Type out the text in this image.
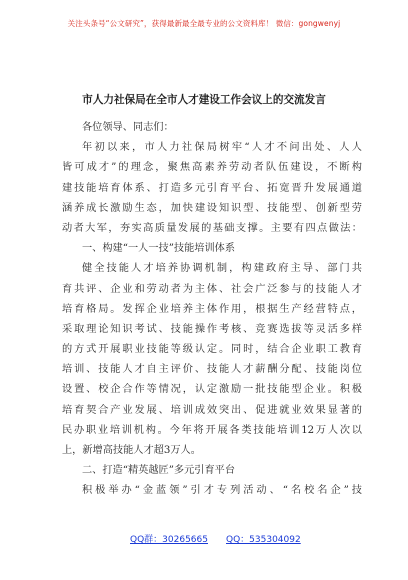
关注头条号“公文研究”，获得最新最全最专业的公文资料库！ 微信：gongwenyj
市人力社保局在全市人才建设工作会议上的交流发言
各位领导、同志们：
年初以来，市人力社保局树牢“人才不问出处、人人
皆可成才”的理念，聚焦高素养劳动者队伍建设，不断构
建技能培育体系、打造多元引育平台、拓宽晋升发展通道
涵养成长激励生态，加快建设知识型、技能型、创新型劳
动者大军，夯实高质量发展的基础支撑。主要有四点做法：
一、构建“一人一技”技能培训体系
健全技能人才培养协调机制，构建政府主导、部门共
育共评、企业和劳动者为主体、社会广泛参与的技能人才
培育格局。发挥企业培养主体作用，根据生产经营特点，
采取理论知识考试、技能操作考核、竞赛选拔等灵活多样
的方式开展职业技能等级认定。同时，结合企业职工教育
培训、技能人才自主评价、技能人才薪酬分配、技能岗位
设置、校企合作等情况，认定激励一批技能型企业。积极
培育契合产业发展、培训成效突出、促进就业效果显著的
民办职业培训机构。今年将开展各类技能培训12万人次以
上，新增高技能人才超3万人。
二、打造“精英越匠”多元引育平台
积极举办“金蓝领”引才专列活动、“名校名企”技
QQ群：30265665 QQ：535304092
